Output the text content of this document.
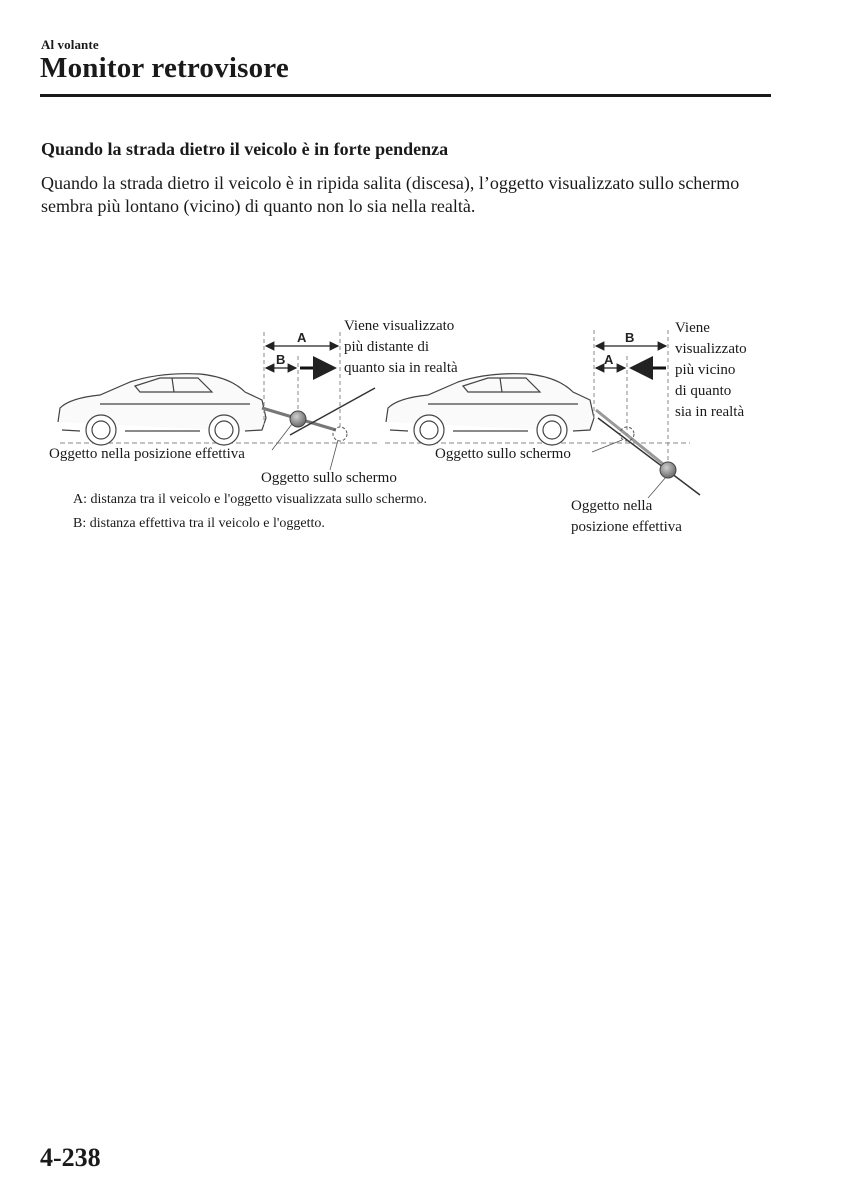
Al volante
Monitor retrovisore
Quando la strada dietro il veicolo è in forte pendenza

Quando la strada dietro il veicolo è in ripida salita (discesa), l’oggetto visualizzato sullo schermo sembra più lontano (vicino) di quanto non lo sia nella realtà.

A
B
B
A
Viene visualizzato
più distante di
quanto sia in realtà
Viene
visualizzato
più vicino
di quanto
sia in realtà
Oggetto nella posizione effettiva
Oggetto sullo schermo
Oggetto sullo schermo
Oggetto nella
posizione effettiva
A: distanza tra il veicolo e l'oggetto visualizzata sullo schermo.
B: distanza effettiva tra il veicolo e l'oggetto.
4-238
